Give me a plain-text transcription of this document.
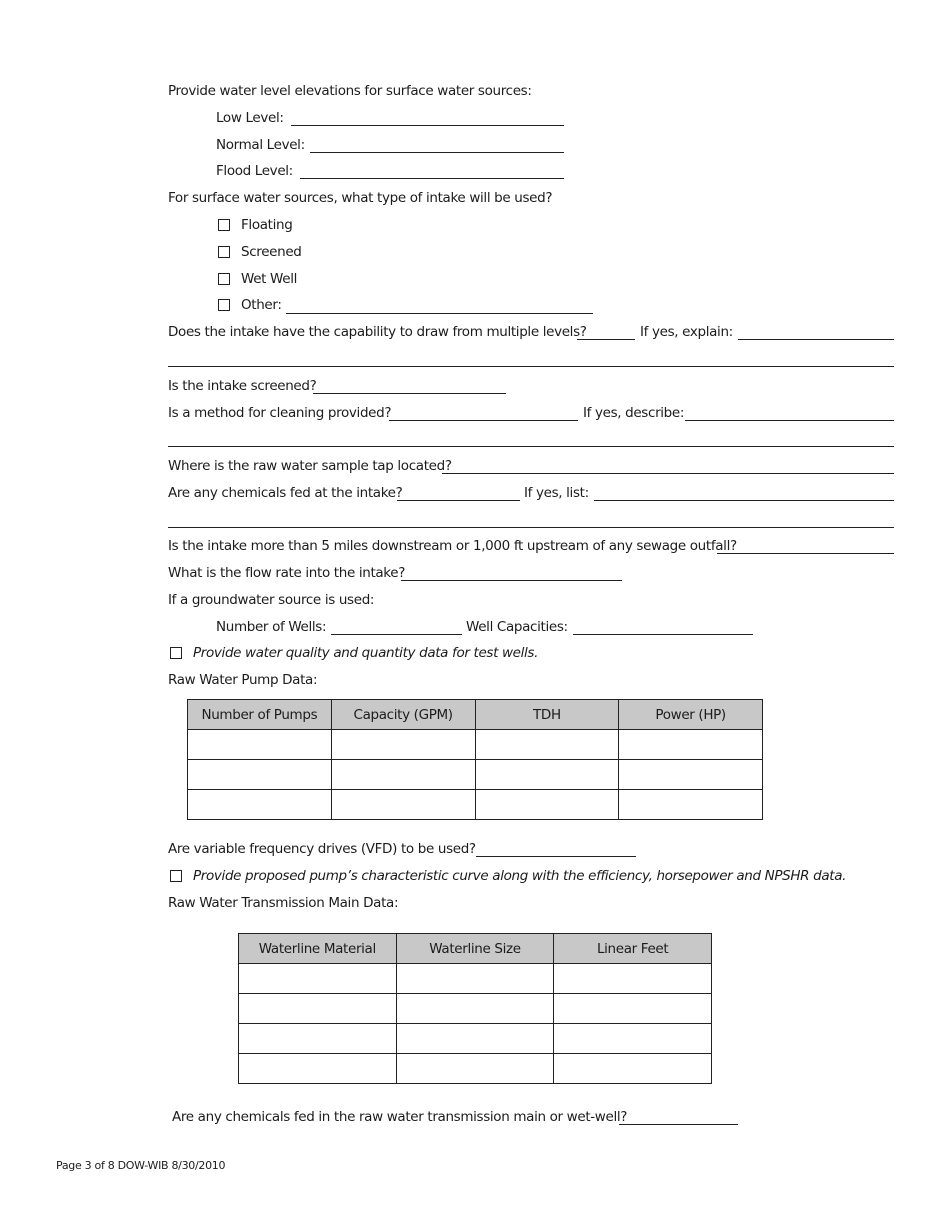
Provide water level elevations for surface water sources:
Low Level:
Normal Level:
Flood Level:
For surface water sources, what type of intake will be used?
Floating
Screened
Wet Well
Other:
Does the intake have the capability to draw from multiple levels?	If yes, explain:
Is the intake screened?
Is a method for cleaning provided?	If yes, describe:
Where is the raw water sample tap located?
Are any chemicals fed at the intake?	If yes, list:
Is the intake more than 5 miles downstream or 1,000 ft upstream of any sewage outfall?
What is the flow rate into the intake?
If a groundwater source is used:
Number of Wells:	Well Capacities:
Provide water quality and quantity data for test wells.
Raw Water Pump Data:
Number of Pumps	Capacity (GPM)	TDH	Power (HP)

Are variable frequency drives (VFD) to be used?
Provide proposed pump’s characteristic curve along with the efficiency, horsepower and NPSHR data.
Raw Water Transmission Main Data:
Waterline Material	Waterline Size	Linear Feet

Are any chemicals fed in the raw water transmission main or wet-well?
Page 3 of 8 DOW-WIB 8/30/2010
